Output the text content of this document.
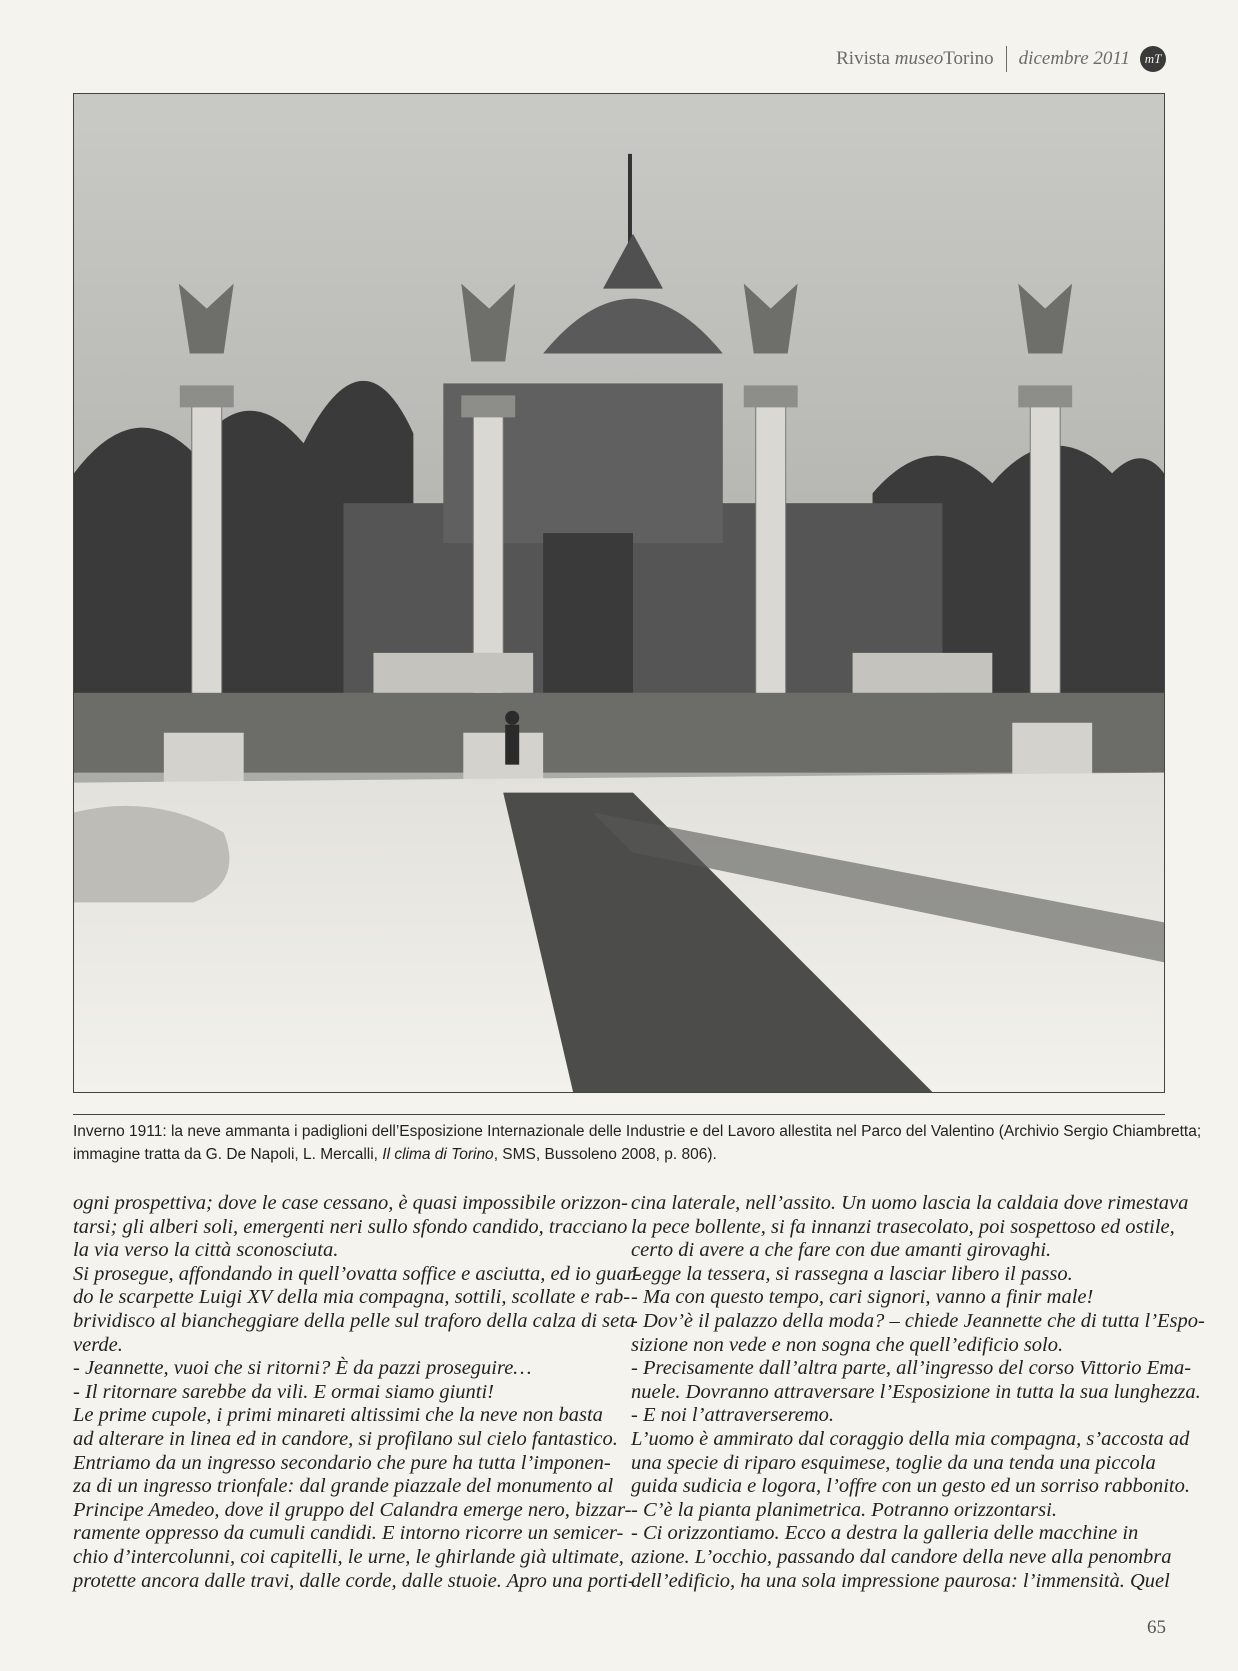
Rivista museoTorino dicembre 2011	mT
Inverno 1911: la neve ammanta i padiglioni dell’Esposizione Internazionale delle Industrie e del Lavoro allestita nel Parco del Valentino (Archivio Sergio Chiambretta;
immagine tratta da G. De Napoli, L. Mercalli, Il clima di Torino, SMS, Bussoleno 2008, p. 806).
ogni prospettiva; dove le case cessano, è quasi impossibile orizzon-
tarsi; gli alberi soli, emergenti neri sullo sfondo candido, tracciano
la via verso la città sconosciuta.
Si prosegue, affondando in quell’ovatta soffice e asciutta, ed io guar-
do le scarpette Luigi XV della mia compagna, sottili, scollate e rab-
brividisco al biancheggiare della pelle sul traforo della calza di seta
verde.
- Jeannette, vuoi che si ritorni? È da pazzi proseguire…
- Il ritornare sarebbe da vili. E ormai siamo giunti!
Le prime cupole, i primi minareti altissimi che la neve non basta
ad alterare in linea ed in candore, si profilano sul cielo fantastico.
Entriamo da un ingresso secondario che pure ha tutta l’imponen-
za di un ingresso trionfale: dal grande piazzale del monumento al
Principe Amedeo, dove il gruppo del Calandra emerge nero, bizzar-
ramente oppresso da cumuli candidi. E intorno ricorre un semicer-
chio d’intercolunni, coi capitelli, le urne, le ghirlande già ultimate,
protette ancora dalle travi, dalle corde, dalle stuoie. Apro una porti-
cina laterale, nell’assito. Un uomo lascia la caldaia dove rimestava
la pece bollente, si fa innanzi trasecolato, poi sospettoso ed ostile,
certo di avere a che fare con due amanti girovaghi.
Legge la tessera, si rassegna a lasciar libero il passo.
- Ma con questo tempo, cari signori, vanno a finir male!
- Dov’è il palazzo della moda? – chiede Jeannette che di tutta l’Espo-
sizione non vede e non sogna che quell’edificio solo.
- Precisamente dall’altra parte, all’ingresso del corso Vittorio Ema-
nuele. Dovranno attraversare l’Esposizione in tutta la sua lunghezza.
- E noi l’attraverseremo.
L’uomo è ammirato dal coraggio della mia compagna, s’accosta ad
una specie di riparo esquimese, toglie da una tenda una piccola
guida sudicia e logora, l’offre con un gesto ed un sorriso rabbonito.
- C’è la pianta planimetrica. Potranno orizzontarsi.
- Ci orizzontiamo. Ecco a destra la galleria delle macchine in
azione. L’occhio, passando dal candore della neve alla penombra
dell’edificio, ha una sola impressione paurosa: l’immensità. Quel
65
